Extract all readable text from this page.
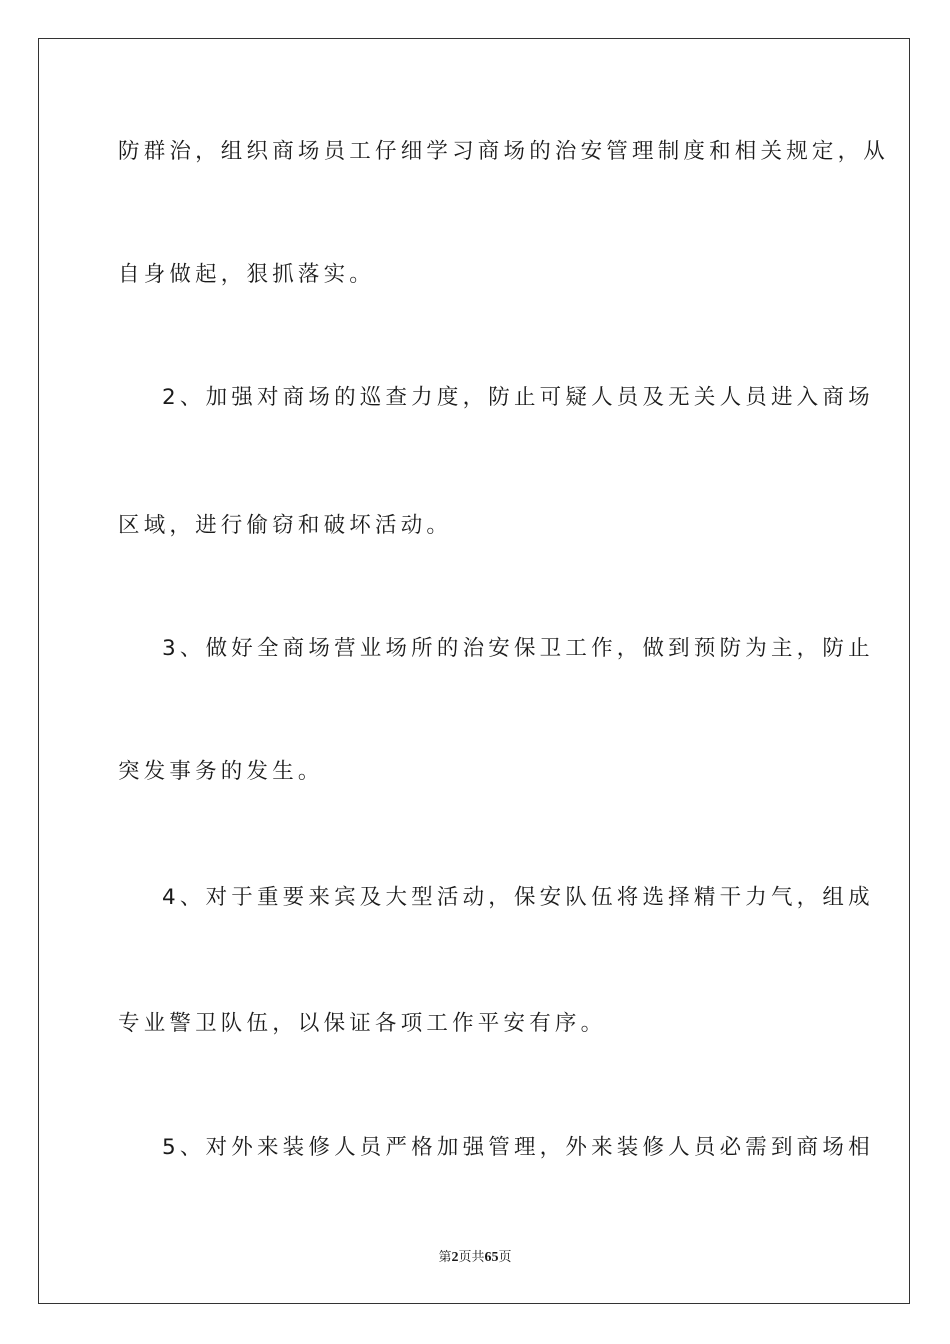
防群治，组织商场员工仔细学习商场的治安管理制度和相关规定，从
自身做起，狠抓落实。
2、加强对商场的巡查力度，防止可疑人员及无关人员进入商场
区域，进行偷窃和破坏活动。
3、做好全商场营业场所的治安保卫工作，做到预防为主，防止
突发事务的发生。
4、对于重要来宾及大型活动，保安队伍将选择精干力气，组成
专业警卫队伍，以保证各项工作平安有序。
5、对外来装修人员严格加强管理，外来装修人员必需到商场相
第2页共65页
